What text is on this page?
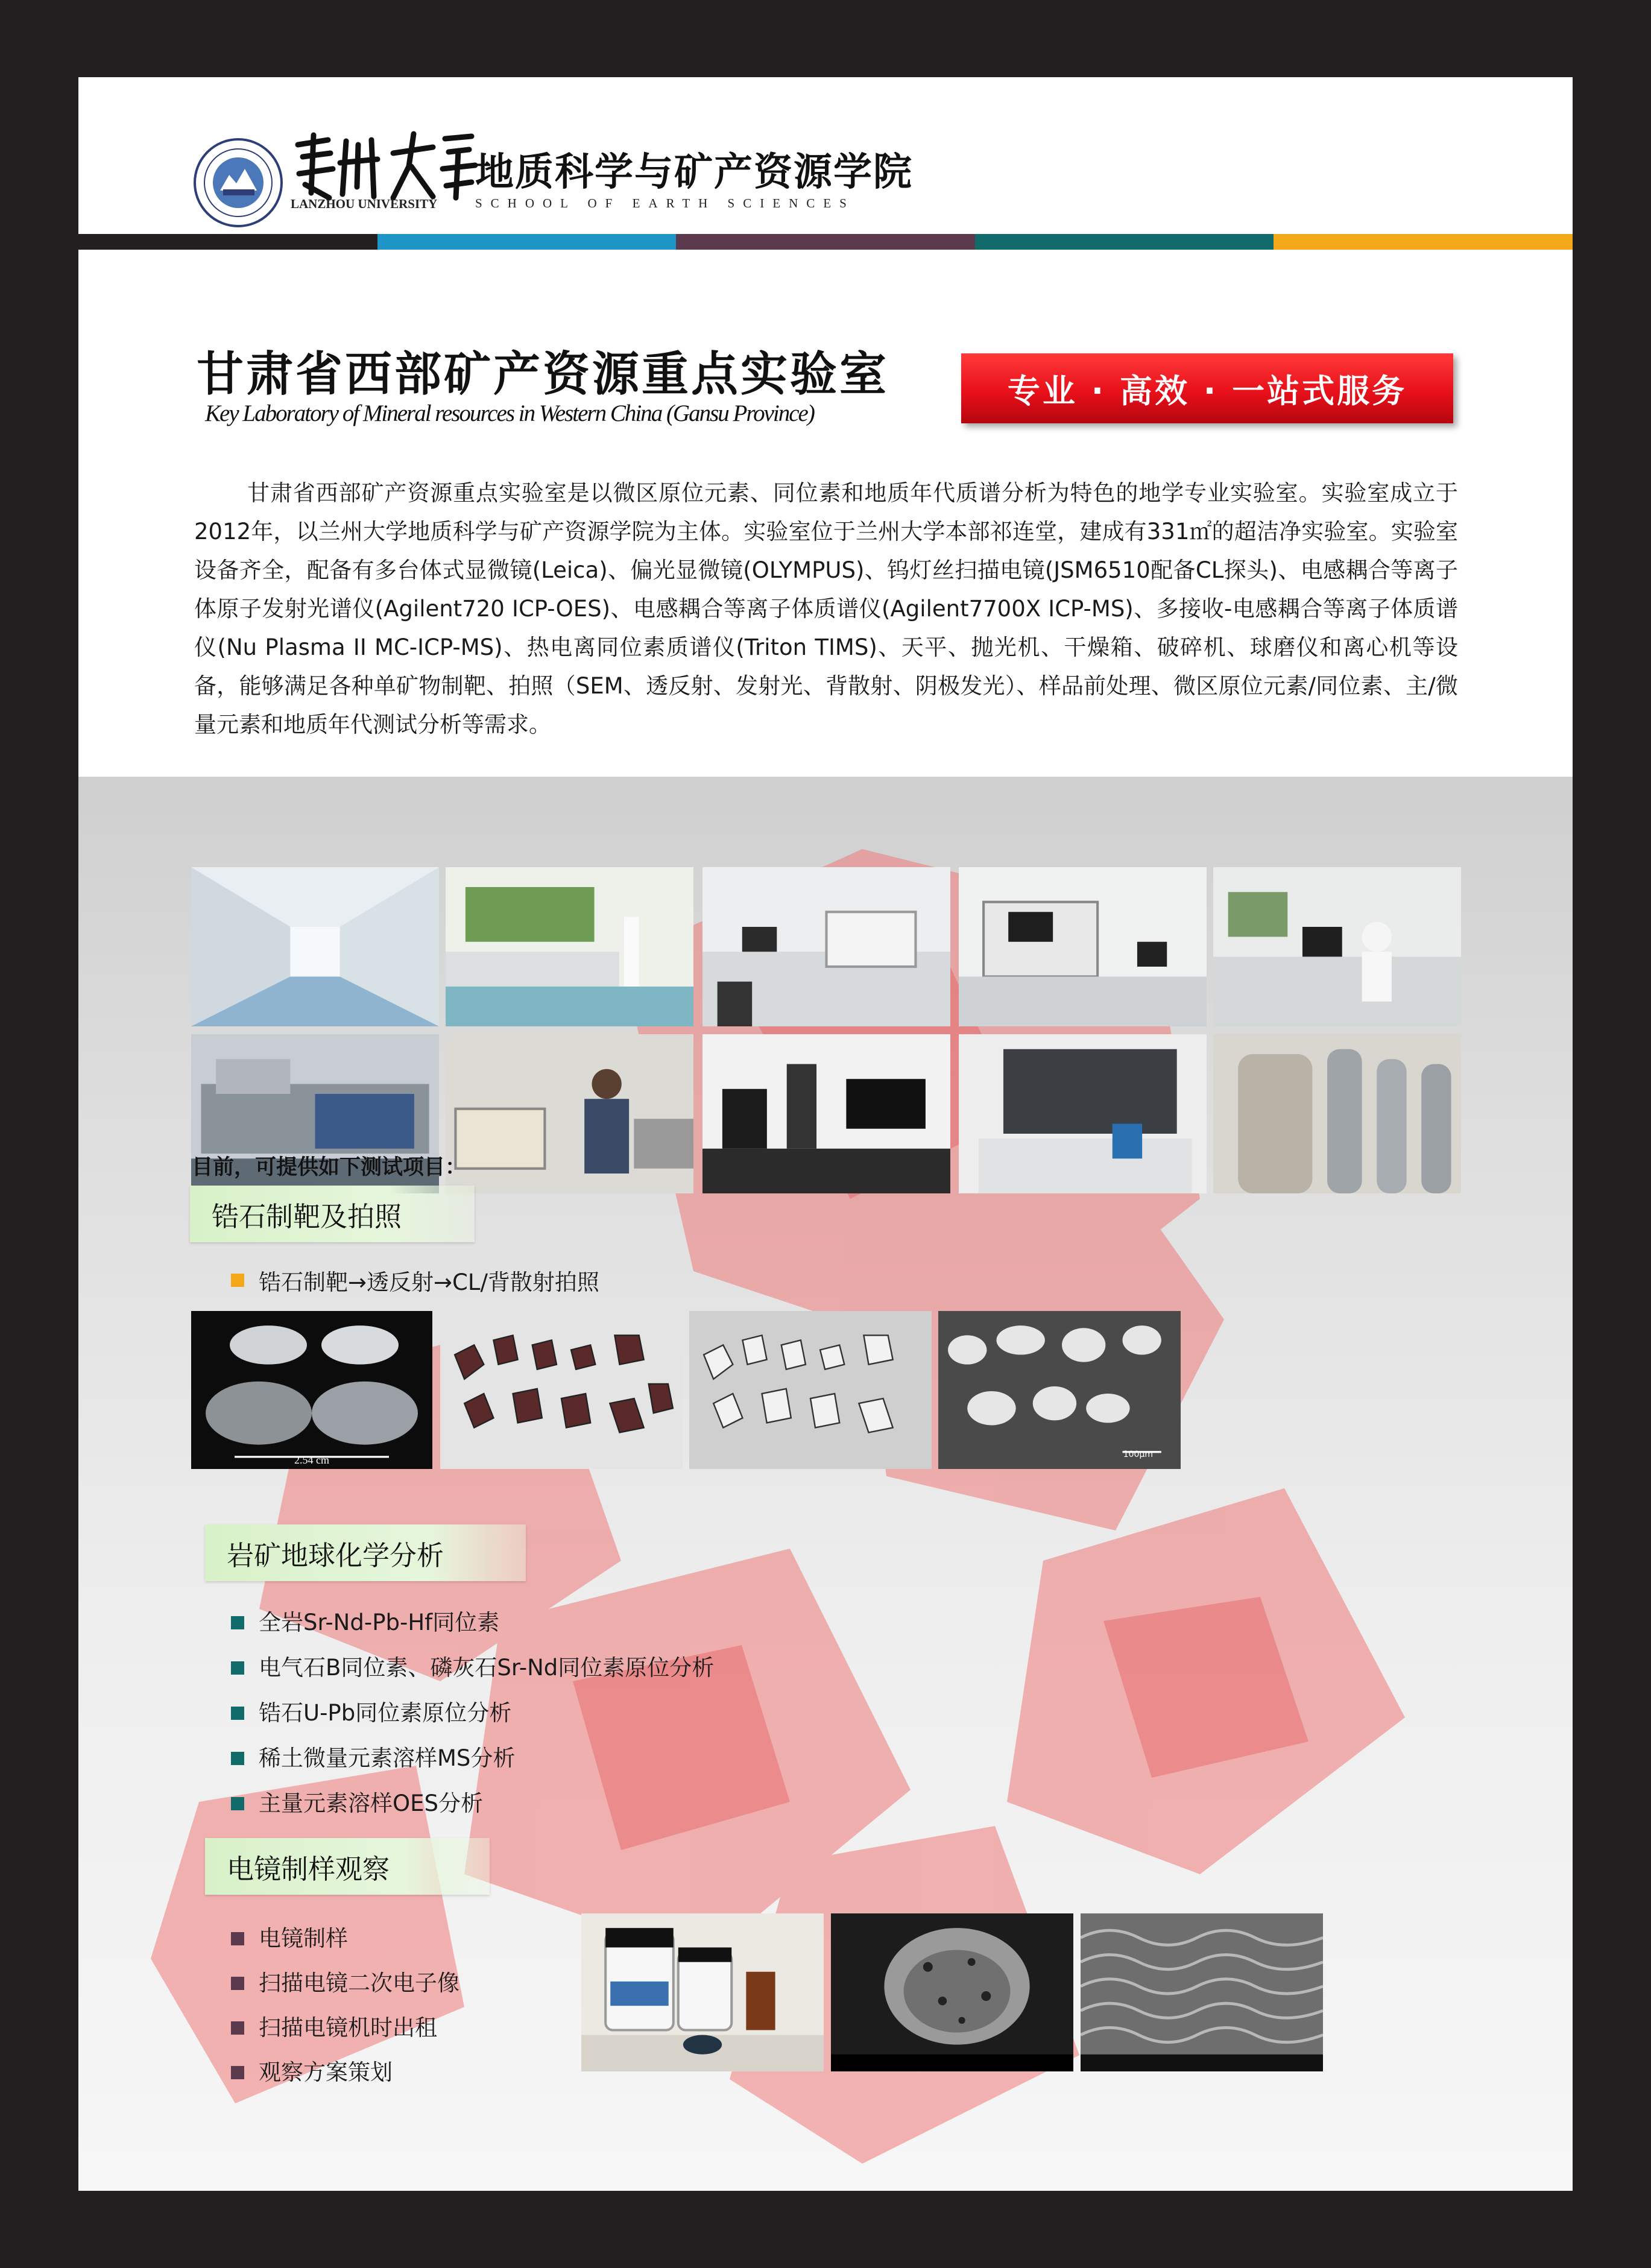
地质科学与矿产资源学院
LANZHOU UNIVERSITY	SCHOOL OF EARTH SCIENCES
甘肃省西部矿产资源重点实验室
Key Laboratory of Mineral resources in Western China (Gansu Province)
专业 · 高效 · 一站式服务
甘肃省西部矿产资源重点实验室是以微区原位元素、同位素和地质年代质谱分析为特色的地学专业实验室。实验室成立于2012年，以兰州大学地质科学与矿产资源学院为主体。实验室位于兰州大学本部祁连堂，建成有331㎡的超洁净实验室。实验室设备齐全，配备有多台体式显微镜(Leica)、偏光显微镜(OLYMPUS)、钨灯丝扫描电镜(JSM6510配备CL探头)、电感耦合等离子体原子发射光谱仪(Agilent720 ICP-OES)、电感耦合等离子体质谱仪(Agilent7700X ICP-MS)、多接收-电感耦合等离子体质谱仪(Nu Plasma II MC-ICP-MS)、热电离同位素质谱仪(Triton TIMS)、天平、抛光机、干燥箱、破碎机、球磨仪和离心机等设备，能够满足各种单矿物制靶、拍照（SEM、透反射、发射光、背散射、阴极发光）、样品前处理、微区原位元素/同位素、主/微量元素和地质年代测试分析等需求。
目前，可提供如下测试项目：
锆石制靶及拍照
锆石制靶→透反射→CL/背散射拍照
2.54 cm	100μm
岩矿地球化学分析
全岩Sr-Nd-Pb-Hf同位素
电气石B同位素、磷灰石Sr-Nd同位素原位分析
锆石U-Pb同位素原位分析
稀土微量元素溶样MS分析
主量元素溶样OES分析
电镜制样观察
电镜制样
扫描电镜二次电子像
扫描电镜机时出租
观察方案策划
